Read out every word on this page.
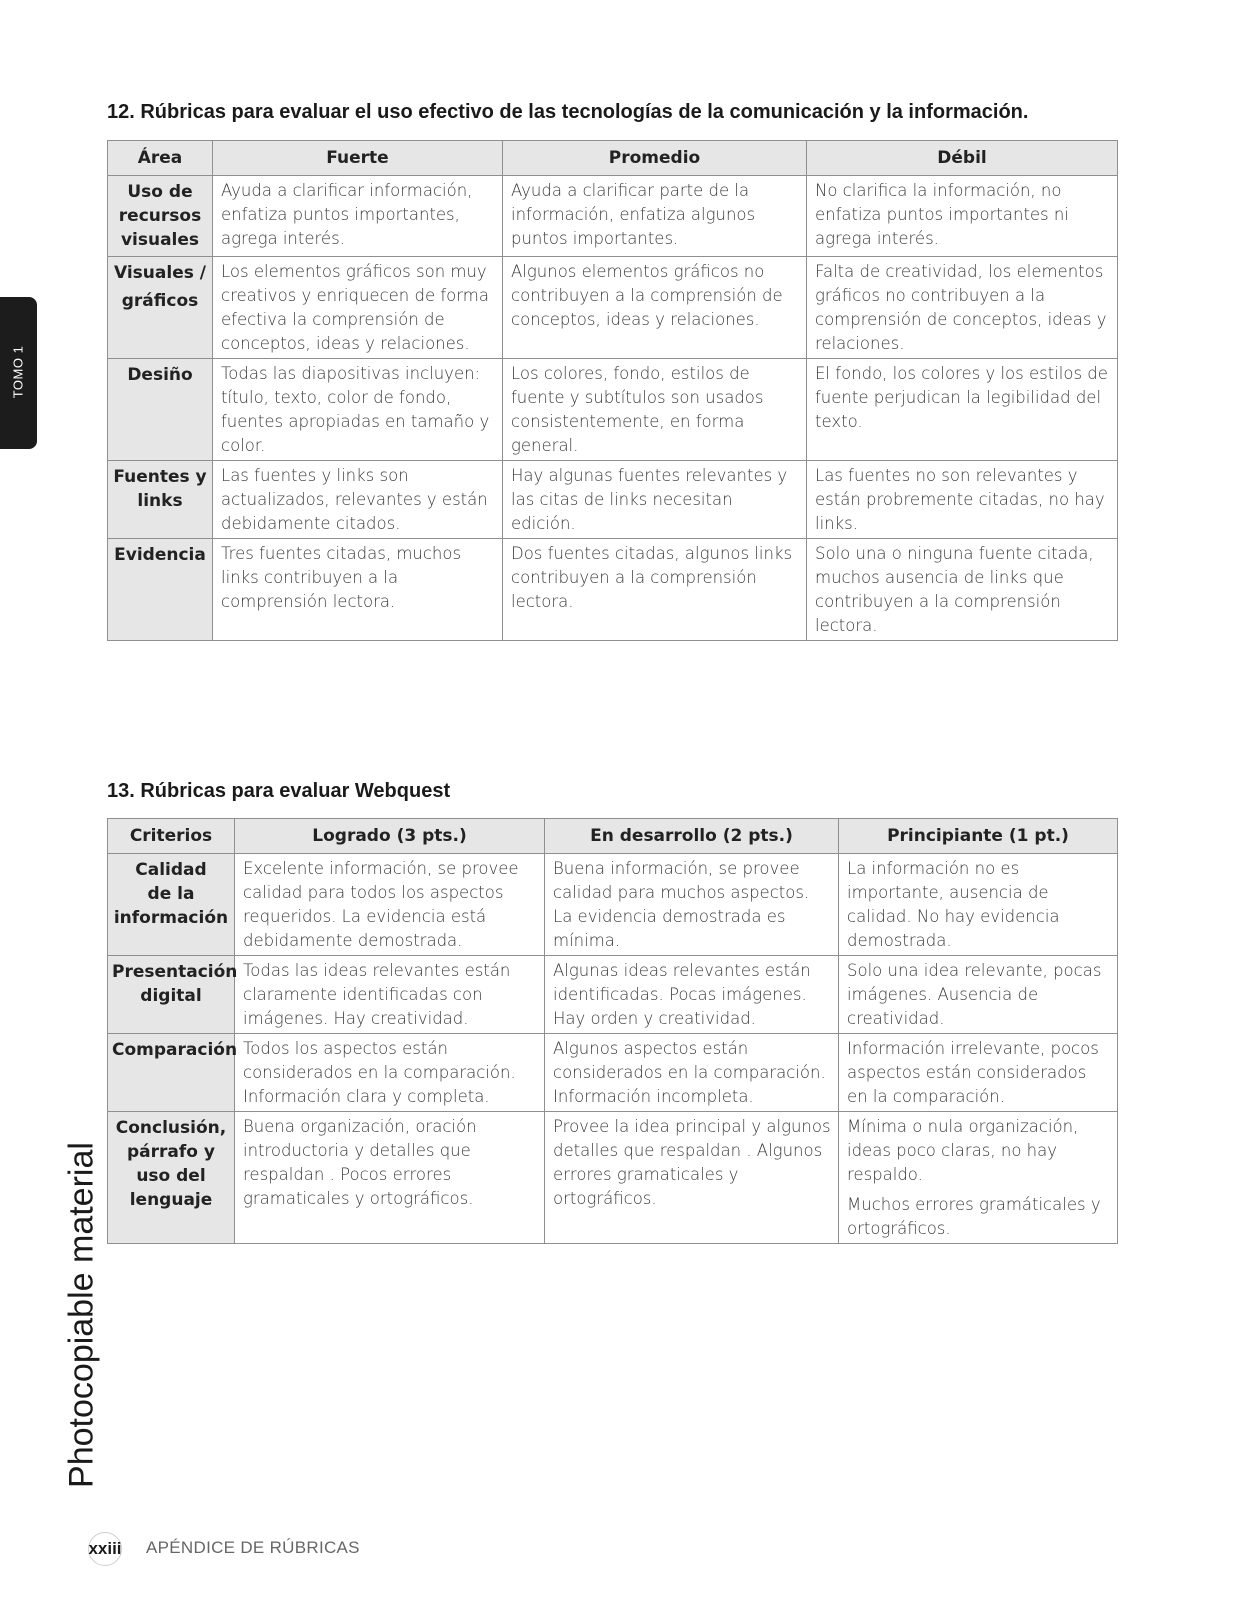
TOMO 1
Photocopiable material
12. Rúbricas para evaluar el uso efectivo de las tecnologías de la comunicación y la información.
Área	Fuerte	Promedio	Débil
Uso de
recursos
visuales	Ayuda a clarificar información, enfatiza puntos importantes, agrega interés.	Ayuda a clarificar parte de la información, enfatiza algunos puntos importantes.	No clarifica la información, no enfatiza puntos importantes ni agrega interés.
Visuales /
gráficos	Los elementos gráficos son muy creativos y enriquecen de forma efectiva la comprensión de conceptos, ideas y relaciones.	Algunos elementos gráficos no contribuyen a la comprensión de conceptos, ideas y relaciones.	Falta de creatividad, los elementos gráficos no contribuyen a la comprensión de conceptos, ideas y relaciones.
Desiño	Todas las diapositivas incluyen: título, texto, color de fondo, fuentes apropiadas en tamaño y color.	Los colores, fondo, estilos de fuente y subtítulos son usados consistentemente, en forma general.	El fondo, los colores y los estilos de fuente perjudican la legibilidad del texto.
Fuentes y
links	Las fuentes y links son actualizados, relevantes y están debidamente citados.	Hay algunas fuentes relevantes y las citas de links necesitan edición.	Las fuentes no son relevantes y están probremente citadas, no hay links.
Evidencia	Tres fuentes citadas, muchos links contribuyen a la comprensión lectora.	Dos fuentes citadas, algunos links contribuyen a la comprensión lectora.	Solo una o ninguna fuente citada, muchos ausencia de links que contribuyen a la comprensión lectora.
13. Rúbricas para evaluar Webquest
Criterios	Logrado (3 pts.)	En desarrollo (2 pts.)	Principiante (1 pt.)
Calidad
de la
información	Excelente información, se provee calidad para todos los aspectos requeridos. La evidencia está debidamente demostrada.	Buena información, se provee calidad para muchos aspectos. La evidencia demostrada es mínima.	La información no es importante, ausencia de calidad. No hay evidencia demostrada.
Presentación
digital	Todas las ideas relevantes están claramente identificadas con imágenes. Hay creatividad.	Algunas ideas relevantes están identificadas. Pocas imágenes. Hay orden y creatividad.	Solo una idea relevante, pocas imágenes. Ausencia de creatividad.
Comparación	Todos los aspectos están considerados en la comparación. Información clara y completa.	Algunos aspectos están considerados en la comparación. Información incompleta.	Información irrelevante, pocos aspectos están considerados en la comparación.
Conclusión,
párrafo y
uso del
lenguaje	Buena organización, oración introductoria y detalles que respaldan . Pocos errores gramaticales y ortográficos.	Provee la idea principal y algunos detalles que respaldan . Algunos errores gramaticales y ortográficos.	Mínima o nula organización, ideas poco claras, no hay respaldo.
Muchos errores gramáticales y ortográficos.
xxiii APÉNDICE DE RÚBRICAS
